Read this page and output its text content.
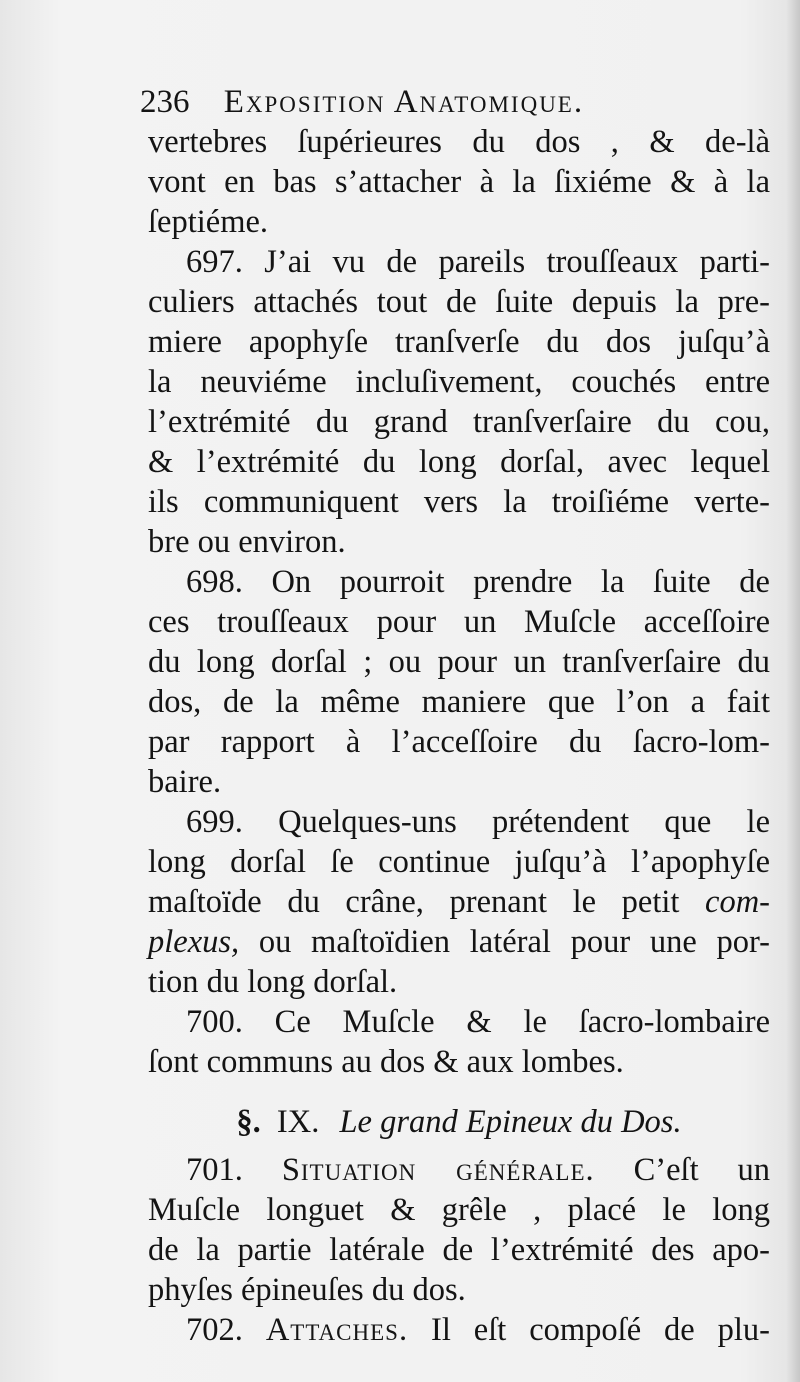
236 Exposition Anatomique.
vertebres ſupérieures du dos , & de-là
vont en bas s’attacher à la ſixiéme & à la
ſeptiéme.
697. J’ai vu de pareils trouſſeaux parti-
culiers attachés tout de ſuite depuis la pre-
miere apophyſe tranſverſe du dos juſqu’à
la neuviéme incluſivement, couchés entre
l’extrémité du grand tranſverſaire du cou,
& l’extrémité du long dorſal, avec lequel
ils communiquent vers la troiſiéme verte-
bre ou environ.
698. On pourroit prendre la ſuite de
ces trouſſeaux pour un Muſcle acceſſoire
du long dorſal ; ou pour un tranſverſaire du
dos, de la même maniere que l’on a fait
par rapport à l’acceſſoire du ſacro-lom-
baire.
699. Quelques-uns prétendent que le
long dorſal ſe continue juſqu’à l’apophyſe
maſtoïde du crâne, prenant le petit com-
plexus, ou maſtoïdien latéral pour une por-
tion du long dorſal.
700. Ce Muſcle & le ſacro-lombaire
ſont communs au dos & aux lombes.
§. IX. Le grand Epineux du Dos.
701. Situation générale. C’eſt un
Muſcle longuet & grêle , placé le long
de la partie latérale de l’extrémité des apo-
phyſes épineuſes du dos.
702. Attaches. Il eſt compoſé de plu-
